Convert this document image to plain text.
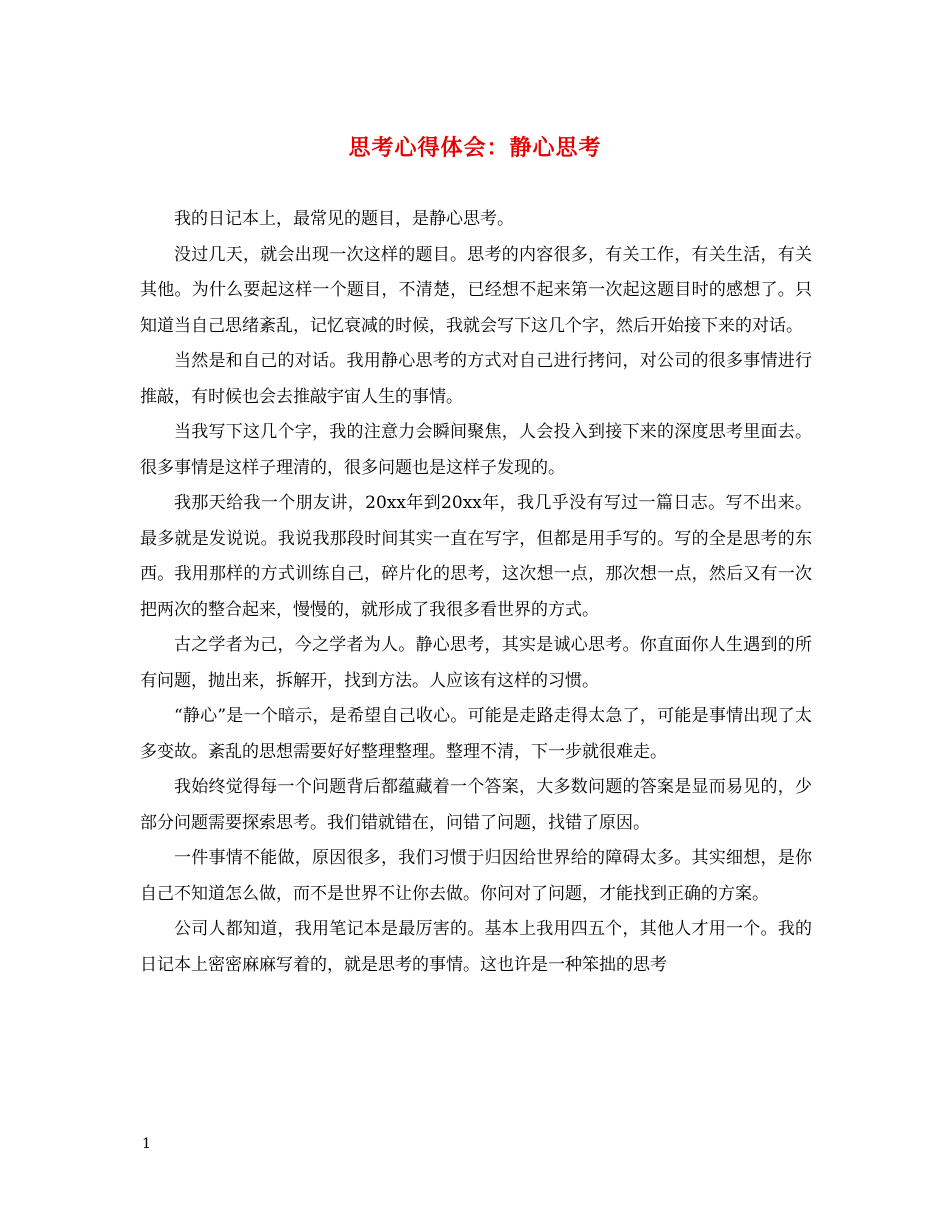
思考心得体会：静心思考

我的日记本上，最常见的题目，是静心思考。

没过几天，就会出现一次这样的题目。思考的内容很多，有关工作，有关生活，有关其他。为什么要起这样一个题目，不清楚，已经想不起来第一次起这题目时的感想了。只知道当自己思绪紊乱，记忆衰减的时候，我就会写下这几个字，然后开始接下来的对话。

当然是和自己的对话。我用静心思考的方式对自己进行拷问，对公司的很多事情进行推敲，有时候也会去推敲宇宙人生的事情。

当我写下这几个字，我的注意力会瞬间聚焦，人会投入到接下来的深度思考里面去。很多事情是这样子理清的，很多问题也是这样子发现的。

我那天给我一个朋友讲，20xx年到20xx年，我几乎没有写过一篇日志。写不出来。最多就是发说说。我说我那段时间其实一直在写字，但都是用手写的。写的全是思考的东西。我用那样的方式训练自己，碎片化的思考，这次想一点，那次想一点，然后又有一次把两次的整合起来，慢慢的，就形成了我很多看世界的方式。

古之学者为己，今之学者为人。静心思考，其实是诚心思考。你直面你人生遇到的所有问题，抛出来，拆解开，找到方法。人应该有这样的习惯。

“静心”是一个暗示，是希望自己收心。可能是走路走得太急了，可能是事情出现了太多变故。紊乱的思想需要好好整理整理。整理不清，下一步就很难走。

我始终觉得每一个问题背后都蕴藏着一个答案，大多数问题的答案是显而易见的，少部分问题需要探索思考。我们错就错在，问错了问题，找错了原因。

一件事情不能做，原因很多，我们习惯于归因给世界给的障碍太多。其实细想，是你自己不知道怎么做，而不是世界不让你去做。你问对了问题，才能找到正确的方案。

公司人都知道，我用笔记本是最厉害的。基本上我用四五个，其他人才用一个。我的日记本上密密麻麻写着的，就是思考的事情。这也许是一种笨拙的思考

1
